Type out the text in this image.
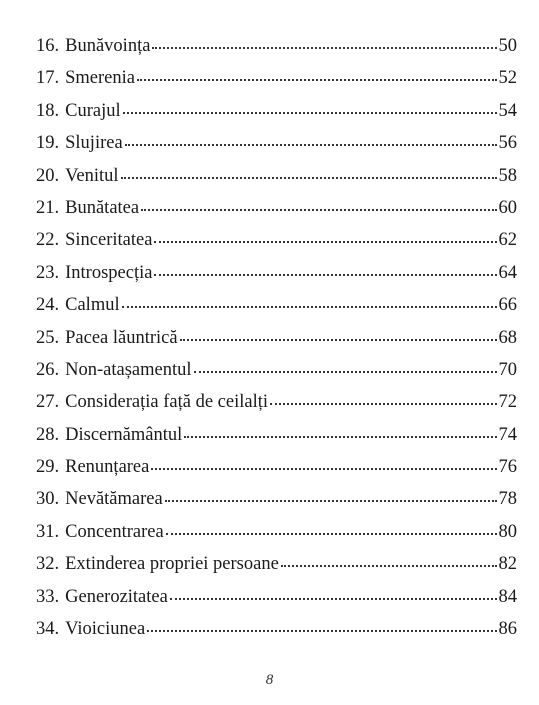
16. Bunăvoința	50
17. Smerenia	52
18. Curajul	54
19. Slujirea	56
20. Venitul	58
21. Bunătatea	60
22. Sinceritatea	62
23. Introspecția	64
24. Calmul	66
25. Pacea lăuntrică	68
26. Non-atașamentul	70
27. Considerația față de ceilalți	72
28. Discernământul	74
29. Renunțarea	76
30. Nevătămarea	78
31. Concentrarea	80
32. Extinderea propriei persoane	82
33. Generozitatea	84
34. Vioiciunea	86
8
